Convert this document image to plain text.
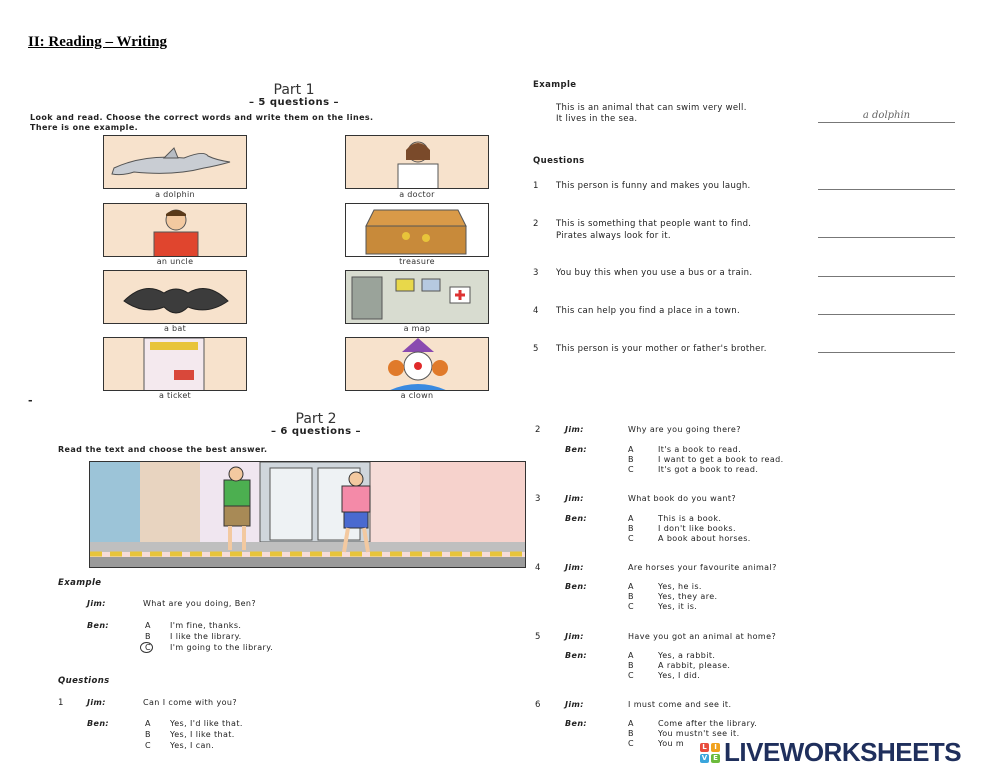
II: Reading – Writing
Part 1
– 5 questions –
Look and read. Choose the correct words and write them on the lines.
There is one example.
a dolphin	a doctor
an uncle	treasure
a bat	a map
a ticket	a clown
Example
This is an animal that can swim very well.
It lives in the sea.	a dolphin
Questions
1 This person is funny and makes you laugh.
2 This is something that people want to find.
Pirates always look for it.
3 You buy this when you use a bus or a train.
4 This can help you find a place in a town.
5 This person is your mother or father's brother.
-
Part 2
– 6 questions –
Read the text and choose the best answer.
Example
Jim:	What are you doing, Ben?
Ben:	A I'm fine, thanks.
B I like the library.
C I'm going to the library.
Questions
1	Jim:	Can I come with you?
Ben:	A Yes, I'd like that.
B Yes, I like that.
C Yes, I can.
2	Jim:	Why are you going there?
Ben:	A	It's a book to read.
B	I want to get a book to read.
C	It's got a book to read.
3	Jim:	What book do you want?
Ben:	A	This is a book.
B	I don't like books.
C	A book about horses.
4	Jim:	Are horses your favourite animal?
Ben:	A	Yes, he is.
B	Yes, they are.
C	Yes, it is.
5	Jim:	Have you got an animal at home?
Ben:	A	Yes, a rabbit.
B	A rabbit, please.
C	Yes, I did.
6	Jim:	I must come and see it.
Ben:	A	Come after the library.
B	You mustn't see it.
C	You m	L	I
V E LIVEWORKSHEETS
